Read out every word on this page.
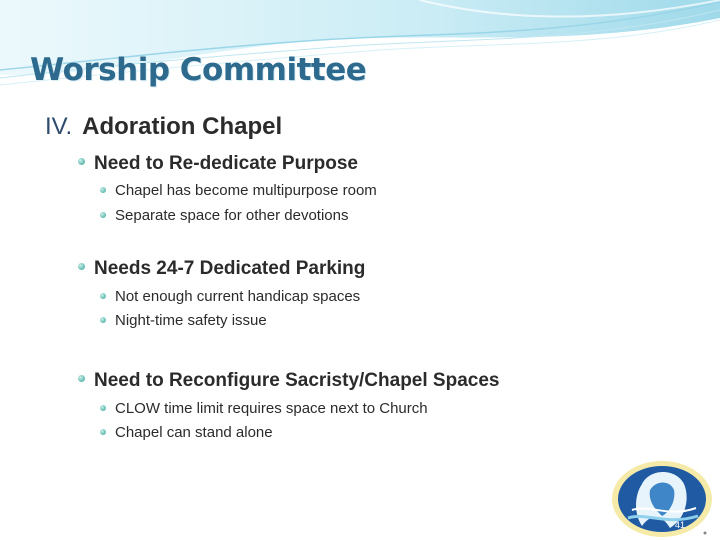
Worship Committee
IV. Adoration Chapel
Need to Re-dedicate Purpose
Chapel has become multipurpose room
Separate space for other devotions
Needs 24-7 Dedicated Parking
Not enough current handicap spaces
Night-time safety issue
Need to Reconfigure Sacristy/Chapel Spaces
CLOW time limit requires space next to Church
Chapel can stand alone
41
